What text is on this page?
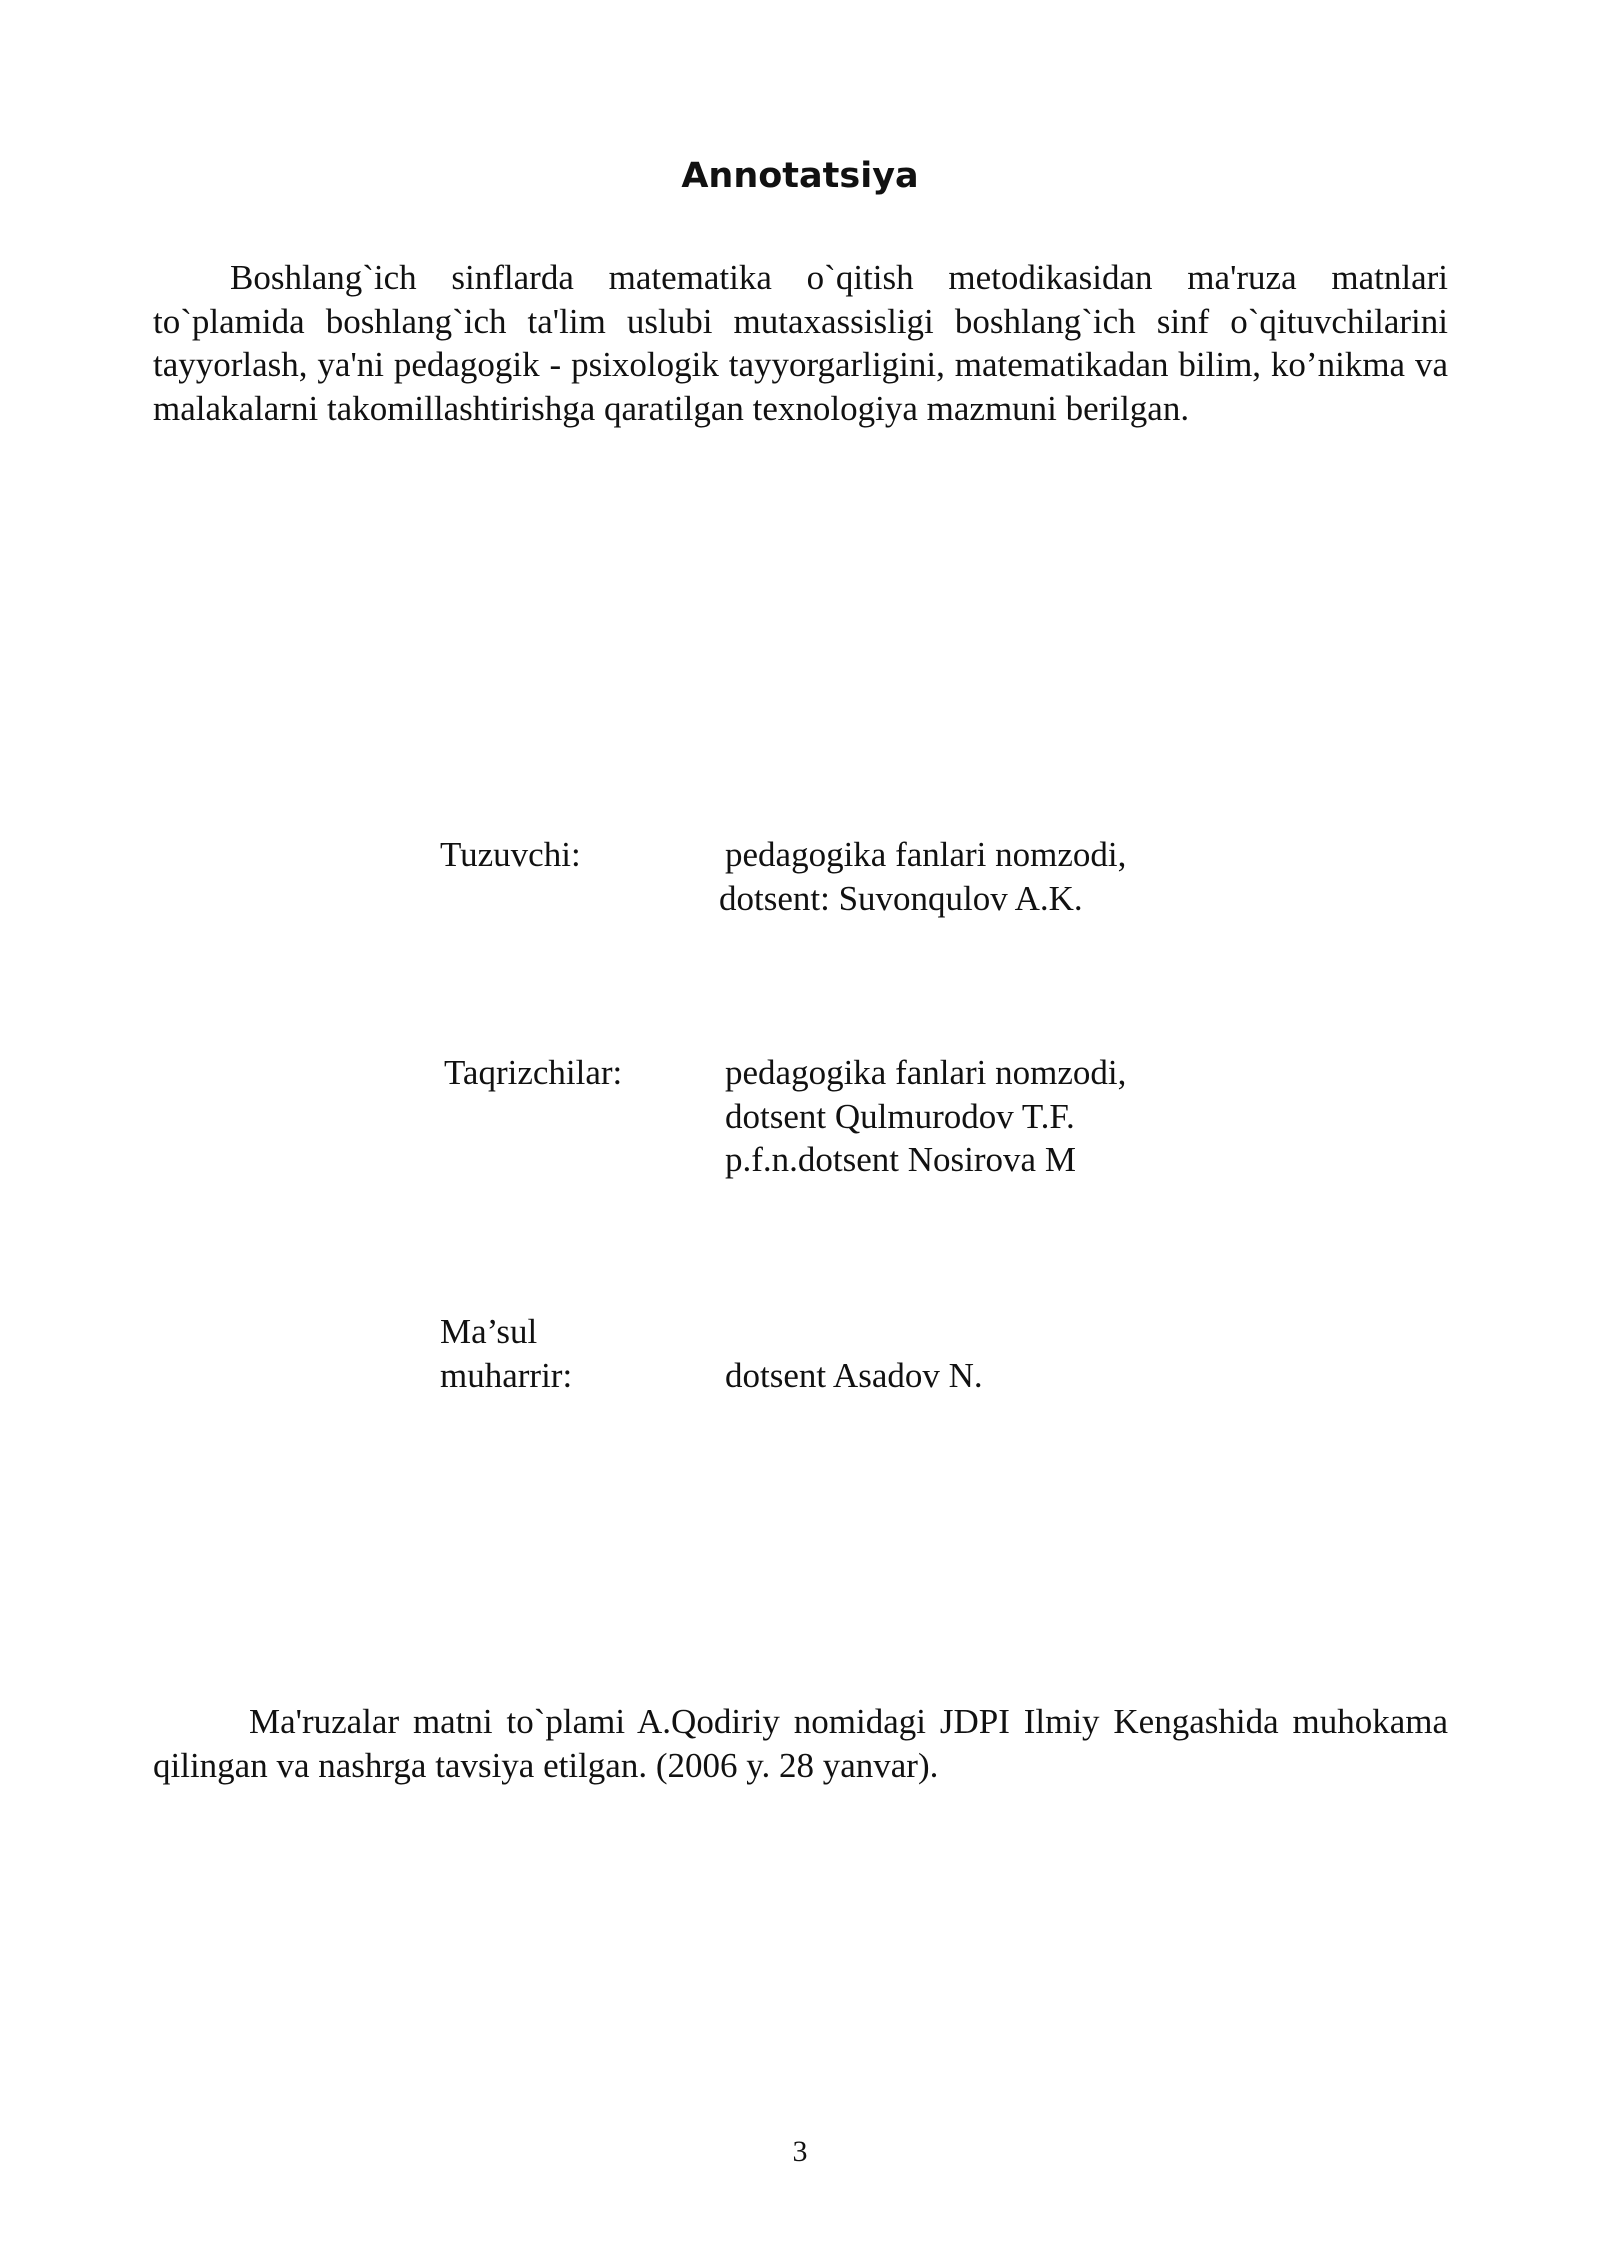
Annotatsiya

Boshlang`ich sinflarda matematika o`qitish metodikasidan ma'ruza matnlari to`plamida boshlang`ich ta'lim uslubi mutaxassisligi boshlang`ich sinf o`qituvchilarini tayyorlash, ya'ni pedagogik - psixologik tayyorgarligini, matematikadan bilim, ko’nikma va malakalarni takomillashtirishga qaratilgan texnologiya mazmuni berilgan.

Tuzuvchi:	pedagogika fanlari nomzodi,
dotsent: Suvonqulov A.K.
Taqrizchilar:	pedagogika fanlari nomzodi,
dotsent Qulmurodov T.F.
p.f.n.dotsent Nosirova M
Ma’sul
muharrir:	dotsent Asadov N.

Ma'ruzalar matni to`plami A.Qodiriy nomidagi JDPI Ilmiy Kengashida muhokama qilingan va nashrga tavsiya etilgan. (2006 y. 28 yanvar).

3
